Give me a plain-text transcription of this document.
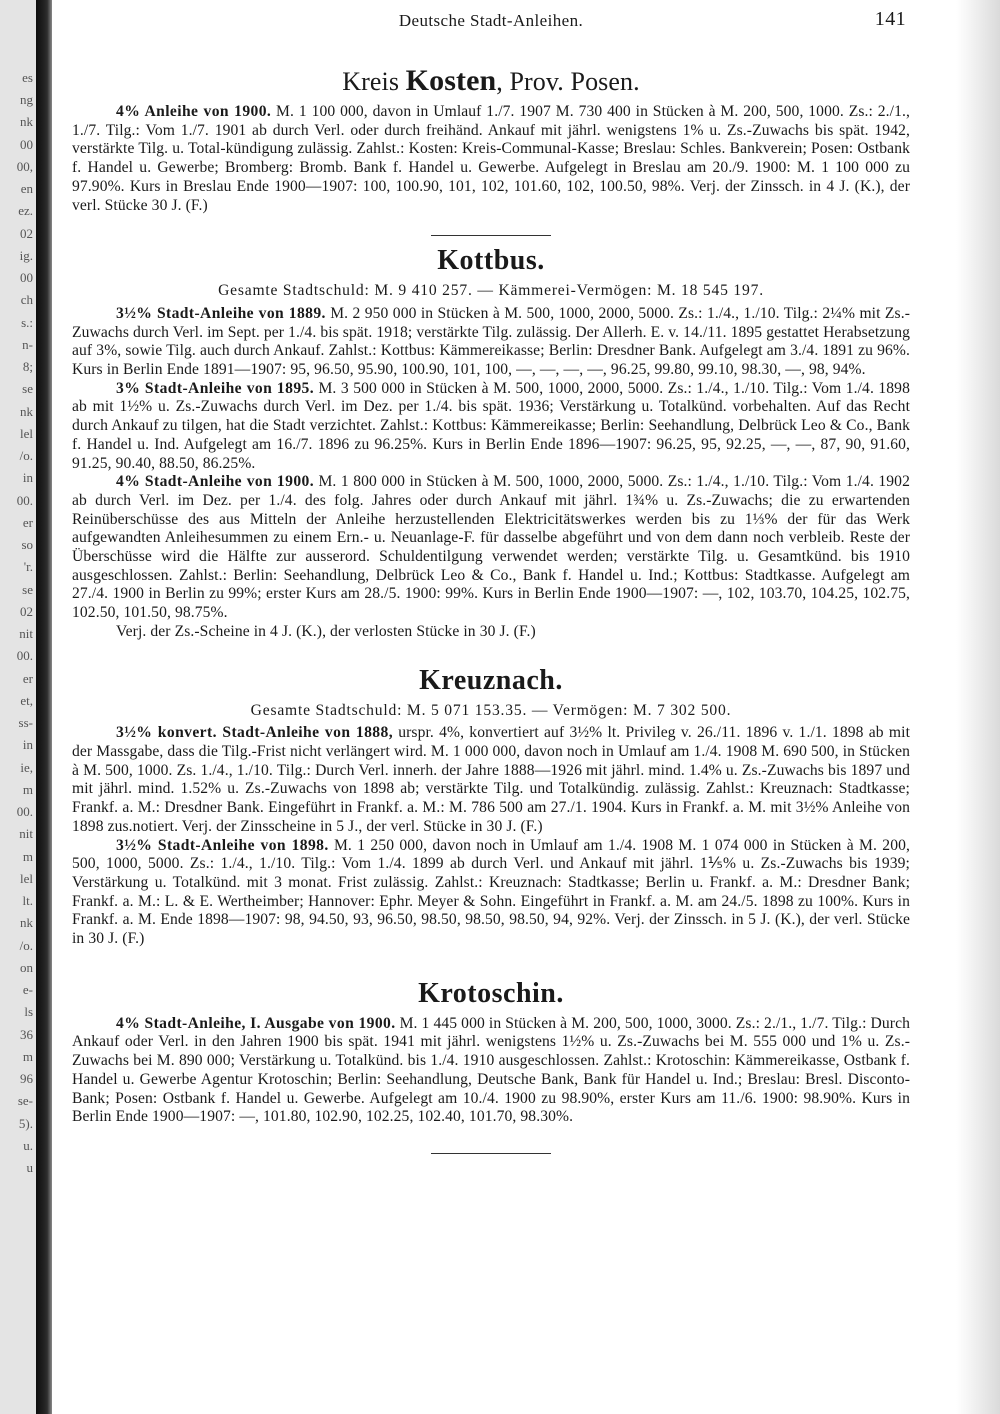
es
ng
nk
00
00,
en
ez.
02
ig.
00
ch
s.:
n-
8;
se
nk
lel
/o.
in
00.
er
so
'r.
se
02
nit
00.
er
et,
ss-
in
ie,
m
00.
nit
m
lel
lt.
nk
/o.
on
e-
ls
36
m
96
se-
5).
u.
u
Deutsche Stadt-Anleihen.	141
Kreis Kosten, Prov. Posen.

4% Anleihe von 1900. M. 1 100 000, davon in Umlauf 1./7. 1907 M. 730 400 in Stücken à M. 200, 500, 1000. Zs.: 2./1., 1./7. Tilg.: Vom 1./7. 1901 ab durch Verl. oder durch freihänd. Ankauf mit jährl. wenigstens 1% u. Zs.-Zuwachs bis spät. 1942, verstärkte Tilg. u. Total-kündigung zulässig. Zahlst.: Kosten: Kreis-Communal-Kasse; Breslau: Schles. Bankverein; Posen: Ostbank f. Handel u. Gewerbe; Bromberg: Bromb. Bank f. Handel u. Gewerbe. Aufgelegt in Breslau am 20./9. 1900: M. 1 100 000 zu 97.90%. Kurs in Breslau Ende 1900—1907: 100, 100.90, 101, 102, 101.60, 102, 100.50, 98%. Verj. der Zinssch. in 4 J. (K.), der verl. Stücke 30 J. (F.)

Kottbus.
Gesamte Stadtschuld: M. 9 410 257. — Kämmerei-Vermögen: M. 18 545 197.

3½% Stadt-Anleihe von 1889. M. 2 950 000 in Stücken à M. 500, 1000, 2000, 5000. Zs.: 1./4., 1./10. Tilg.: 2¼% mit Zs.-Zuwachs durch Verl. im Sept. per 1./4. bis spät. 1918; verstärkte Tilg. zulässig. Der Allerh. E. v. 14./11. 1895 gestattet Herabsetzung auf 3%, sowie Tilg. auch durch Ankauf. Zahlst.: Kottbus: Kämmereikasse; Berlin: Dresdner Bank. Aufgelegt am 3./4. 1891 zu 96%. Kurs in Berlin Ende 1891—1907: 95, 96.50, 95.90, 100.90, 101, 100, —, —, —, —, 96.25, 99.80, 99.10, 98.30, —, 98, 94%.

3% Stadt-Anleihe von 1895. M. 3 500 000 in Stücken à M. 500, 1000, 2000, 5000. Zs.: 1./4., 1./10. Tilg.: Vom 1./4. 1898 ab mit 1½% u. Zs.-Zuwachs durch Verl. im Dez. per 1./4. bis spät. 1936; Verstärkung u. Totalkünd. vorbehalten. Auf das Recht durch Ankauf zu tilgen, hat die Stadt verzichtet. Zahlst.: Kottbus: Kämmereikasse; Berlin: Seehandlung, Delbrück Leo & Co., Bank f. Handel u. Ind. Aufgelegt am 16./7. 1896 zu 96.25%. Kurs in Berlin Ende 1896—1907: 96.25, 95, 92.25, —, —, 87, 90, 91.60, 91.25, 90.40, 88.50, 86.25%.

4% Stadt-Anleihe von 1900. M. 1 800 000 in Stücken à M. 500, 1000, 2000, 5000. Zs.: 1./4., 1./10. Tilg.: Vom 1./4. 1902 ab durch Verl. im Dez. per 1./4. des folg. Jahres oder durch Ankauf mit jährl. 1¾% u. Zs.-Zuwachs; die zu erwartenden Reinüberschüsse des aus Mitteln der Anleihe herzustellenden Elektricitätswerkes werden bis zu 1⅓% der für das Werk aufgewandten Anleihesummen zu einem Ern.- u. Neuanlage-F. für dasselbe abgeführt und von dem dann noch verbleib. Reste der Überschüsse wird die Hälfte zur ausserord. Schuldentilgung verwendet werden; verstärkte Tilg. u. Gesamtkünd. bis 1910 ausgeschlossen. Zahlst.: Berlin: Seehandlung, Delbrück Leo & Co., Bank f. Handel u. Ind.; Kottbus: Stadtkasse. Aufgelegt am 27./4. 1900 in Berlin zu 99%; erster Kurs am 28./5. 1900: 99%. Kurs in Berlin Ende 1900—1907: —, 102, 103.70, 104.25, 102.75, 102.50, 101.50, 98.75%.

Verj. der Zs.-Scheine in 4 J. (K.), der verlosten Stücke in 30 J. (F.)

Kreuznach.
Gesamte Stadtschuld: M. 5 071 153.35. — Vermögen: M. 7 302 500.

3½% konvert. Stadt-Anleihe von 1888, urspr. 4%, konvertiert auf 3½% lt. Privileg v. 26./11. 1896 v. 1./1. 1898 ab mit der Massgabe, dass die Tilg.-Frist nicht verlängert wird. M. 1 000 000, davon noch in Umlauf am 1./4. 1908 M. 690 500, in Stücken à M. 500, 1000. Zs. 1./4., 1./10. Tilg.: Durch Verl. innerh. der Jahre 1888—1926 mit jährl. mind. 1.4% u. Zs.-Zuwachs bis 1897 und mit jährl. mind. 1.52% u. Zs.-Zuwachs von 1898 ab; verstärkte Tilg. und Totalkündig. zulässig. Zahlst.: Kreuznach: Stadtkasse; Frankf. a. M.: Dresdner Bank. Eingeführt in Frankf. a. M.: M. 786 500 am 27./1. 1904. Kurs in Frankf. a. M. mit 3½% Anleihe von 1898 zus.notiert. Verj. der Zinsscheine in 5 J., der verl. Stücke in 30 J. (F.)

3½% Stadt-Anleihe von 1898. M. 1 250 000, davon noch in Umlauf am 1./4. 1908 M. 1 074 000 in Stücken à M. 200, 500, 1000, 5000. Zs.: 1./4., 1./10. Tilg.: Vom 1./4. 1899 ab durch Verl. und Ankauf mit jährl. 1⅕% u. Zs.-Zuwachs bis 1939; Verstärkung u. Totalkünd. mit 3 monat. Frist zulässig. Zahlst.: Kreuznach: Stadtkasse; Berlin u. Frankf. a. M.: Dresdner Bank; Frankf. a. M.: L. & E. Wertheimber; Hannover: Ephr. Meyer & Sohn. Eingeführt in Frankf. a. M. am 24./5. 1898 zu 100%. Kurs in Frankf. a. M. Ende 1898—1907: 98, 94.50, 93, 96.50, 98.50, 98.50, 98.50, 94, 92%. Verj. der Zinssch. in 5 J. (K.), der verl. Stücke in 30 J. (F.)

Krotoschin.

4% Stadt-Anleihe, I. Ausgabe von 1900. M. 1 445 000 in Stücken à M. 200, 500, 1000, 3000. Zs.: 2./1., 1./7. Tilg.: Durch Ankauf oder Verl. in den Jahren 1900 bis spät. 1941 mit jährl. wenigstens 1½% u. Zs.-Zuwachs bei M. 555 000 und 1% u. Zs.-Zuwachs bei M. 890 000; Verstärkung u. Totalkünd. bis 1./4. 1910 ausgeschlossen. Zahlst.: Krotoschin: Kämmereikasse, Ostbank f. Handel u. Gewerbe Agentur Krotoschin; Berlin: Seehandlung, Deutsche Bank, Bank für Handel u. Ind.; Breslau: Bresl. Disconto-Bank; Posen: Ostbank f. Handel u. Gewerbe. Aufgelegt am 10./4. 1900 zu 98.90%, erster Kurs am 11./6. 1900: 98.90%. Kurs in Berlin Ende 1900—1907: —, 101.80, 102.90, 102.25, 102.40, 101.70, 98.30%.
